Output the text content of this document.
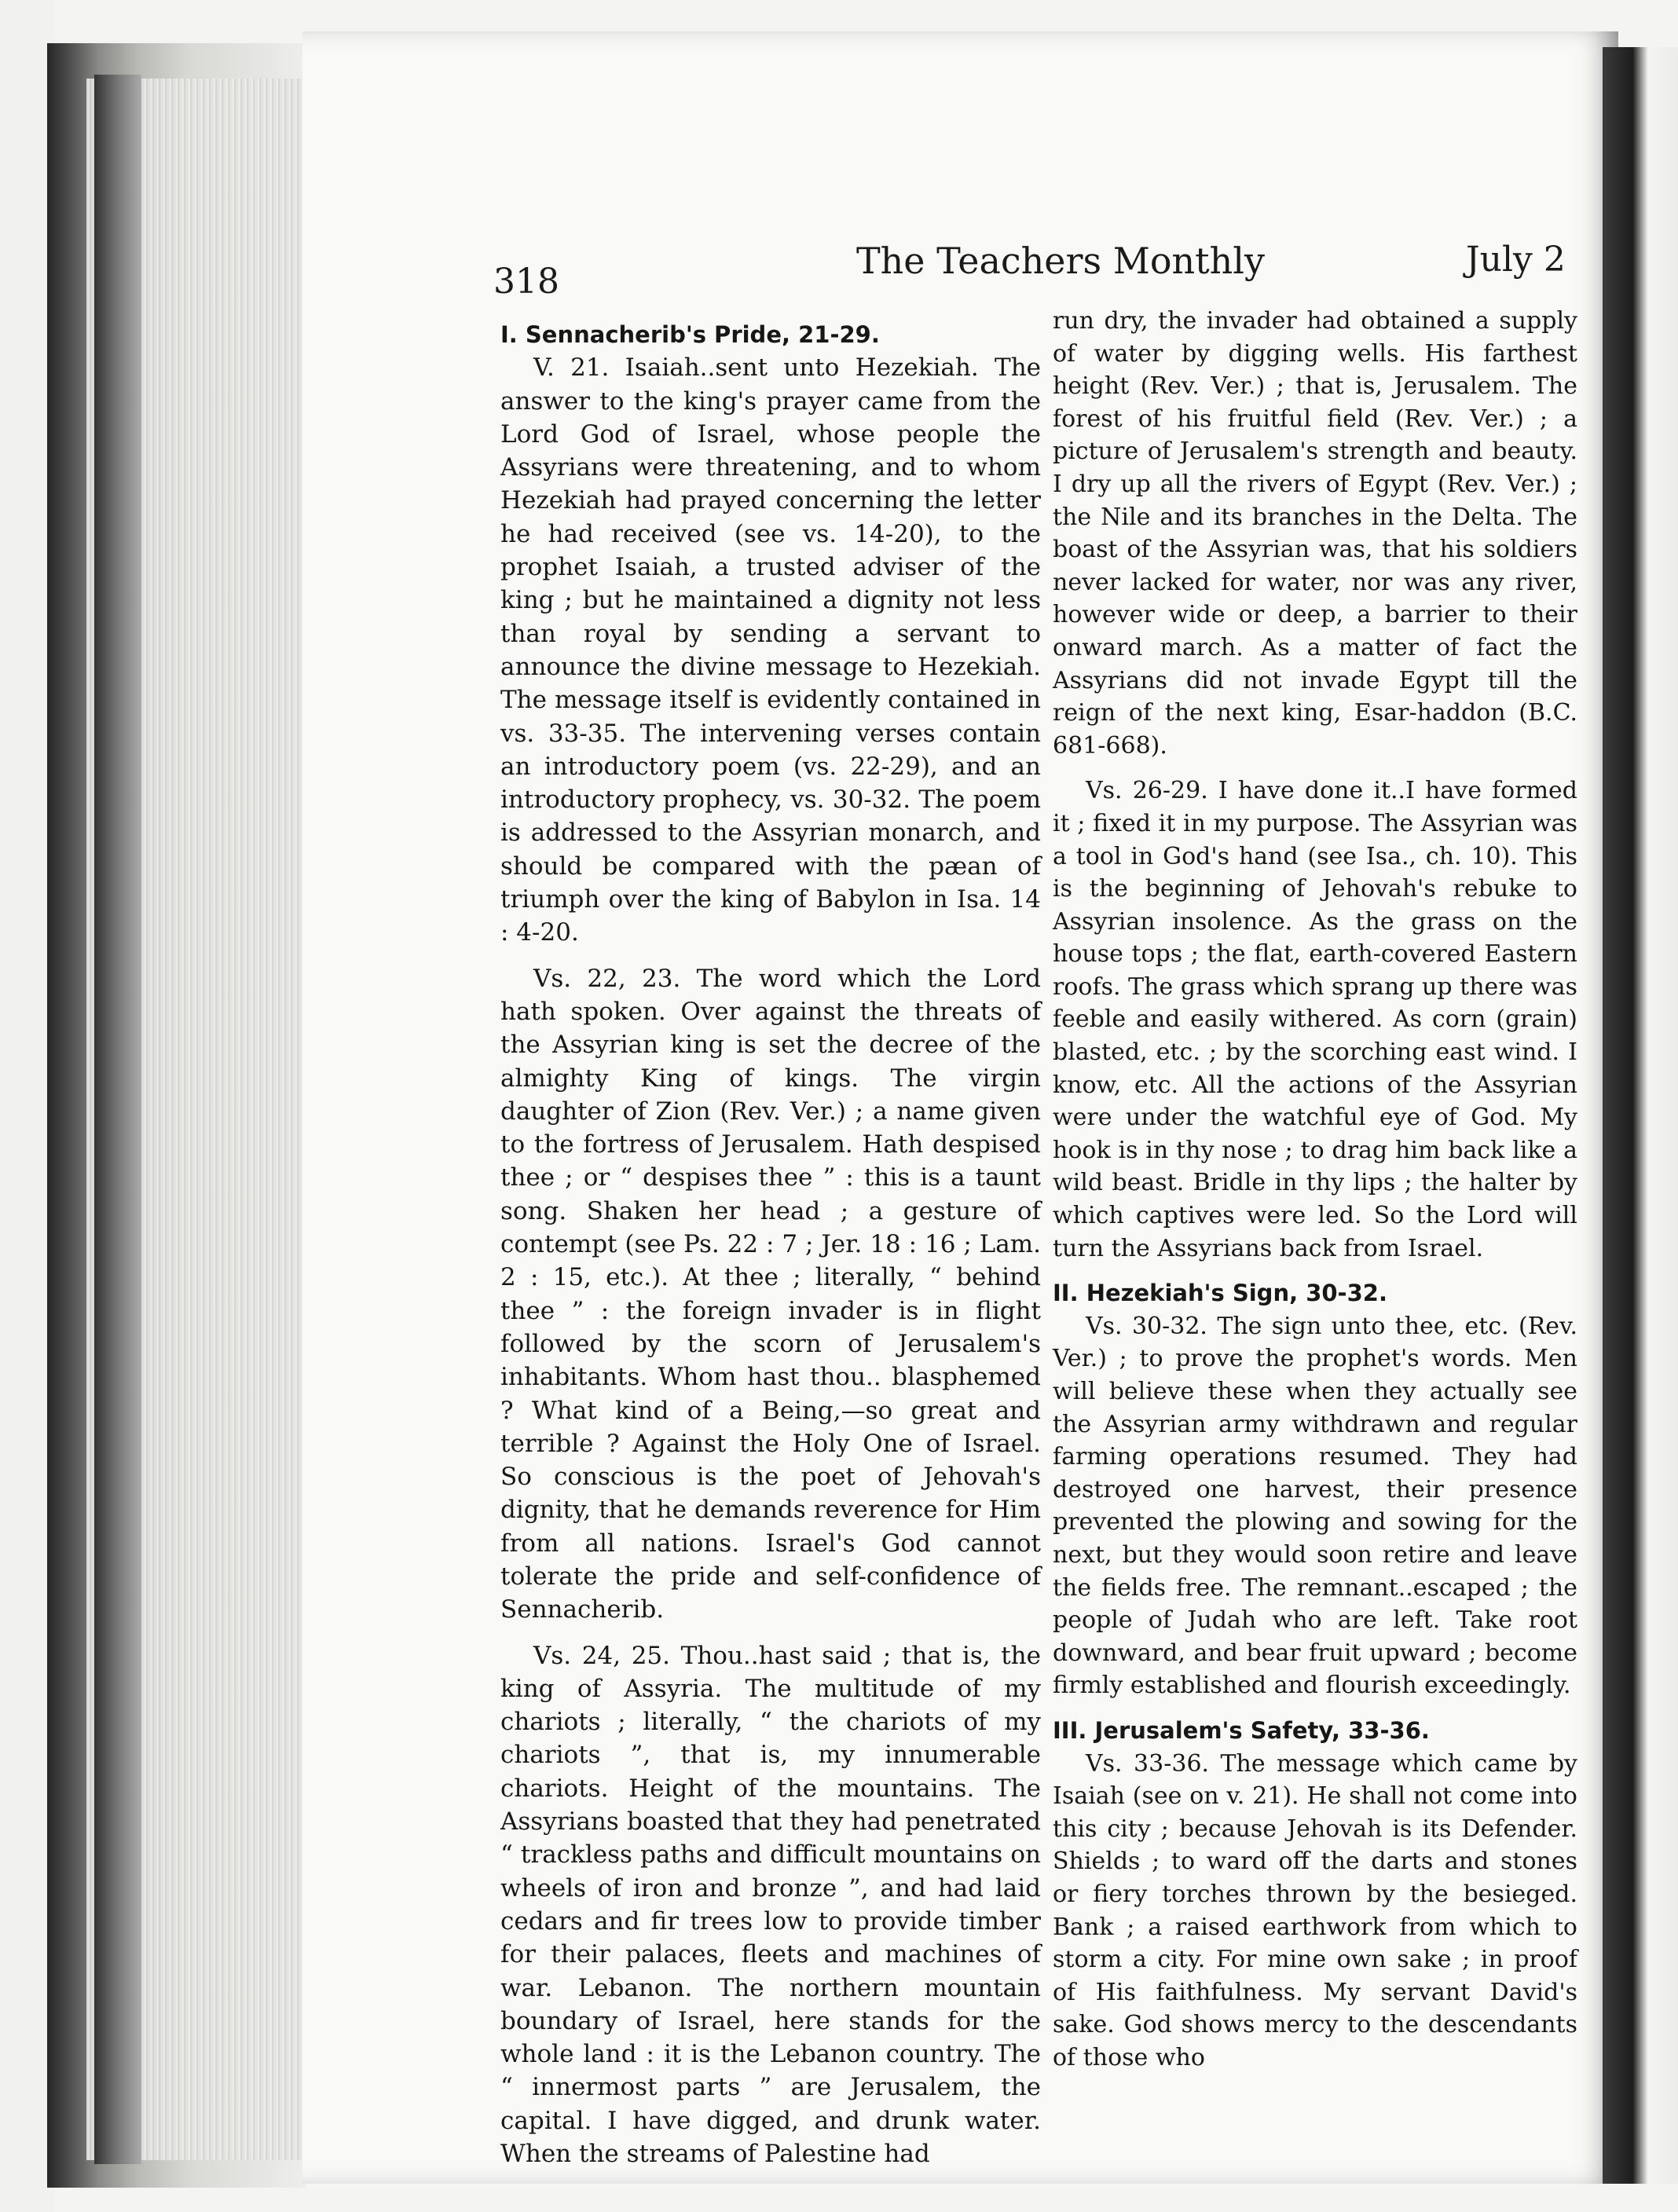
318	The Teachers Monthly	July 2

I. Sennacherib's Pride, 21-29.

V. 21. Isaiah..sent unto Hezekiah. The answer to the king's prayer came from the Lord God of Israel, whose people the Assyrians were threatening, and to whom Hezekiah had prayed concerning the letter he had received (see vs. 14-20), to the prophet Isaiah, a trusted adviser of the king ; but he maintained a dignity not less than royal by sending a servant to announce the divine message to Hezekiah. The message itself is evidently contained in vs. 33-35. The intervening verses contain an introductory poem (vs. 22-29), and an introductory prophecy, vs. 30-32. The poem is addressed to the Assyrian monarch, and should be compared with the pæan of triumph over the king of Babylon in Isa. 14 : 4-20.

Vs. 22, 23. The word which the Lord hath spoken. Over against the threats of the Assyrian king is set the decree of the almighty King of kings. The virgin daughter of Zion (Rev. Ver.) ; a name given to the fortress of Jerusalem. Hath despised thee ; or “ despises thee ” : this is a taunt song. Shaken her head ; a gesture of contempt (see Ps. 22 : 7 ; Jer. 18 : 16 ; Lam. 2 : 15, etc.). At thee ; literally, “ behind thee ” : the foreign invader is in flight followed by the scorn of Jerusalem's inhabitants. Whom hast thou.. blasphemed ? What kind of a Being,—so great and terrible ? Against the Holy One of Israel. So conscious is the poet of Jehovah's dignity, that he demands reverence for Him from all nations. Israel's God cannot tolerate the pride and self-confidence of Sennacherib.

Vs. 24, 25. Thou..hast said ; that is, the king of Assyria. The multitude of my chariots ; literally, “ the chariots of my chariots ”, that is, my innumerable chariots. Height of the mountains. The Assyrians boasted that they had penetrated “ trackless paths and difficult mountains on wheels of iron and bronze ”, and had laid cedars and fir trees low to provide timber for their palaces, fleets and machines of war. Lebanon. The northern mountain boundary of Israel, here stands for the whole land : it is the Lebanon country. The “ innermost parts ” are Jerusalem, the capital. I have digged, and drunk water. When the streams of Palestine had

run dry, the invader had obtained a supply of water by digging wells. His farthest height (Rev. Ver.) ; that is, Jerusalem. The forest of his fruitful field (Rev. Ver.) ; a picture of Jerusalem's strength and beauty. I dry up all the rivers of Egypt (Rev. Ver.) ; the Nile and its branches in the Delta. The boast of the Assyrian was, that his soldiers never lacked for water, nor was any river, however wide or deep, a barrier to their onward march. As a matter of fact the Assyrians did not invade Egypt till the reign of the next king, Esar-haddon (B.C. 681-668).

Vs. 26-29. I have done it..I have formed it ; fixed it in my purpose. The Assyrian was a tool in God's hand (see Isa., ch. 10). This is the beginning of Jehovah's rebuke to Assyrian insolence. As the grass on the house tops ; the flat, earth-covered Eastern roofs. The grass which sprang up there was feeble and easily withered. As corn (grain) blasted, etc. ; by the scorching east wind. I know, etc. All the actions of the Assyrian were under the watchful eye of God. My hook is in thy nose ; to drag him back like a wild beast. Bridle in thy lips ; the halter by which captives were led. So the Lord will turn the Assyrians back from Israel.

II. Hezekiah's Sign, 30-32.

Vs. 30-32. The sign unto thee, etc. (Rev. Ver.) ; to prove the prophet's words. Men will believe these when they actually see the Assyrian army withdrawn and regular farming operations resumed. They had destroyed one harvest, their presence prevented the plowing and sowing for the next, but they would soon retire and leave the fields free. The remnant..escaped ; the people of Judah who are left. Take root downward, and bear fruit upward ; become firmly established and flourish exceedingly.

III. Jerusalem's Safety, 33-36.

Vs. 33-36. The message which came by Isaiah (see on v. 21). He shall not come into this city ; because Jehovah is its Defender. Shields ; to ward off the darts and stones or fiery torches thrown by the besieged. Bank ; a raised earthwork from which to storm a city. For mine own sake ; in proof of His faithfulness. My servant David's sake. God shows mercy to the descendants of those who
